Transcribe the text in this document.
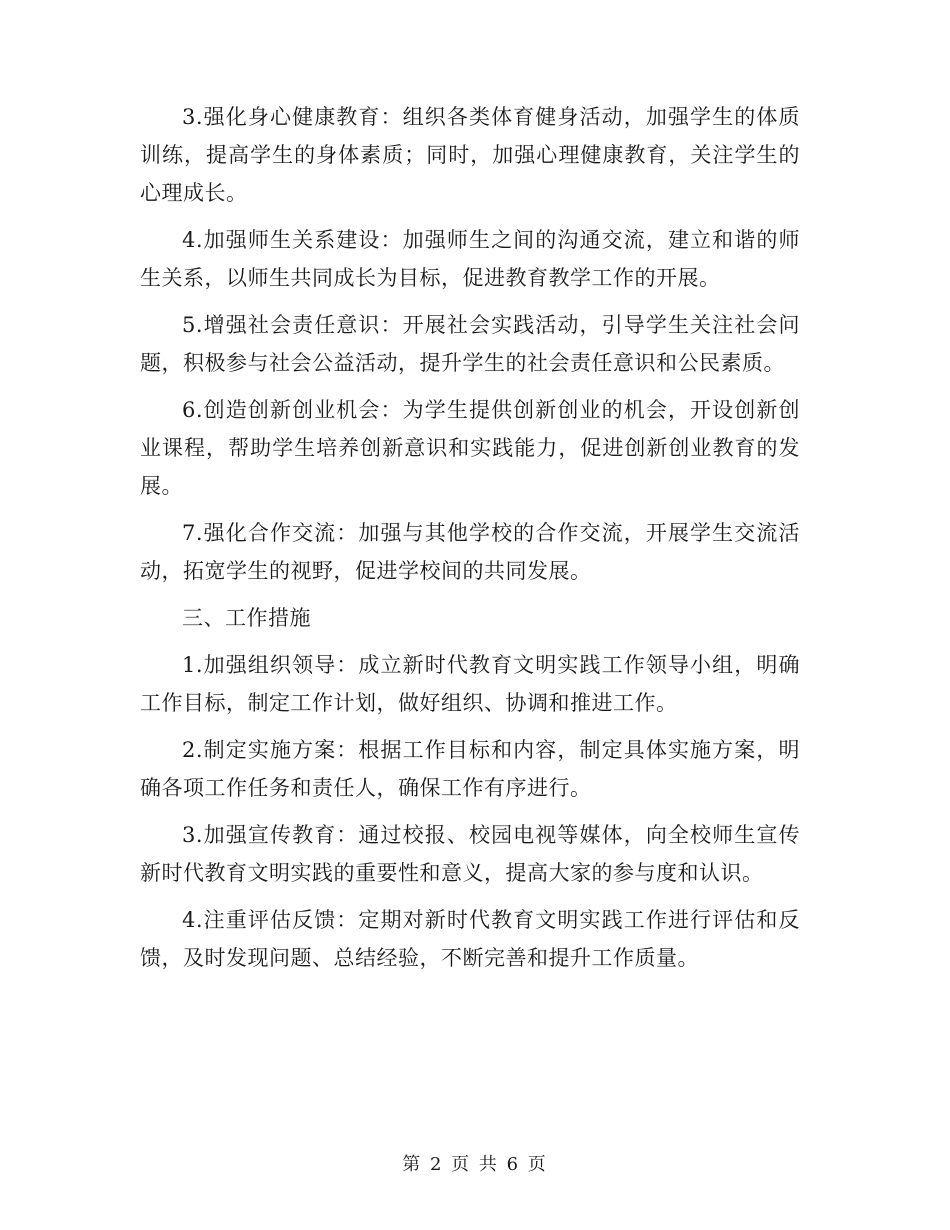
3.强化身心健康教育：组织各类体育健身活动，加强学生的体质训练，提高学生的身体素质；同时，加强心理健康教育，关注学生的心理成长。

4.加强师生关系建设：加强师生之间的沟通交流，建立和谐的师生关系，以师生共同成长为目标，促进教育教学工作的开展。

5.增强社会责任意识：开展社会实践活动，引导学生关注社会问题，积极参与社会公益活动，提升学生的社会责任意识和公民素质。

6.创造创新创业机会：为学生提供创新创业的机会，开设创新创业课程，帮助学生培养创新意识和实践能力，促进创新创业教育的发展。

7.强化合作交流：加强与其他学校的合作交流，开展学生交流活动，拓宽学生的视野，促进学校间的共同发展。

三、工作措施

1.加强组织领导：成立新时代教育文明实践工作领导小组，明确工作目标，制定工作计划，做好组织、协调和推进工作。

2.制定实施方案：根据工作目标和内容，制定具体实施方案，明确各项工作任务和责任人，确保工作有序进行。

3.加强宣传教育：通过校报、校园电视等媒体，向全校师生宣传新时代教育文明实践的重要性和意义，提高大家的参与度和认识。

4.注重评估反馈：定期对新时代教育文明实践工作进行评估和反馈，及时发现问题、总结经验，不断完善和提升工作质量。

第 2 页 共 6 页
